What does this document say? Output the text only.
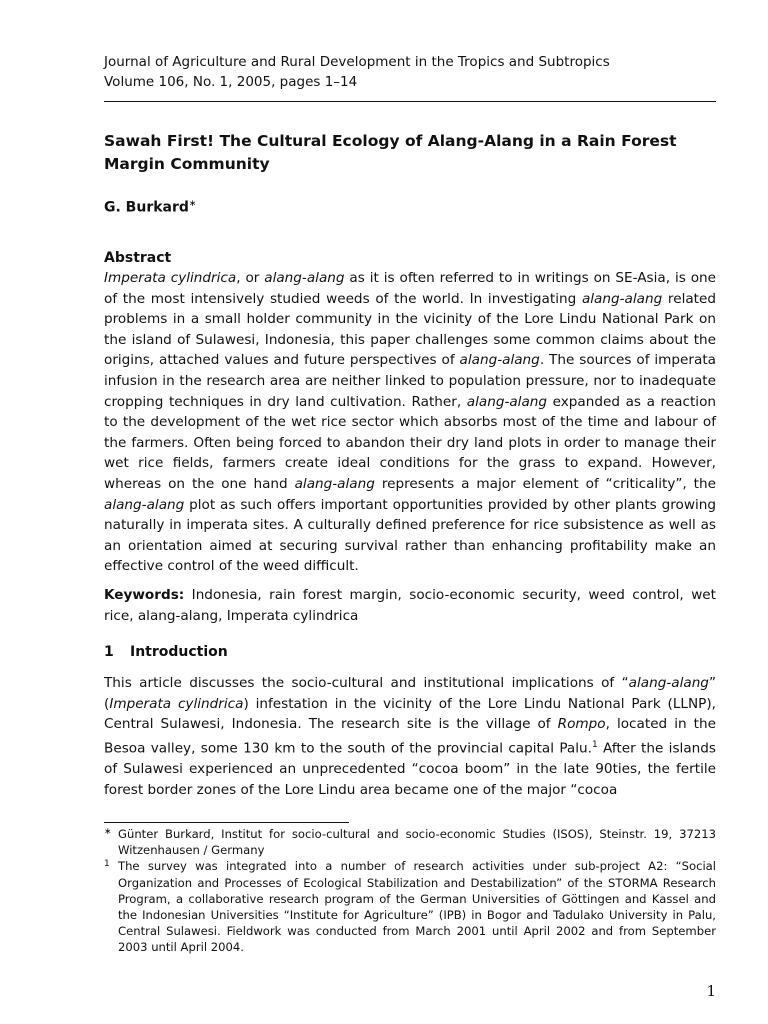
Journal of Agriculture and Rural Development in the Tropics and Subtropics
Volume 106, No. 1, 2005, pages 1–14
Sawah First! The Cultural Ecology of Alang-Alang in a Rain Forest Margin Community
G. Burkard∗
Abstract
Imperata cylindrica, or alang-alang as it is often referred to in writings on SE-Asia, is one of the most intensively studied weeds of the world. In investigating alang-alang related problems in a small holder community in the vicinity of the Lore Lindu National Park on the island of Sulawesi, Indonesia, this paper challenges some common claims about the origins, attached values and future perspectives of alang-alang. The sources of imperata infusion in the research area are neither linked to population pressure, nor to inadequate cropping techniques in dry land cultivation. Rather, alang-alang expanded as a reaction to the development of the wet rice sector which absorbs most of the time and labour of the farmers. Often being forced to abandon their dry land plots in order to manage their wet rice fields, farmers create ideal conditions for the grass to expand. However, whereas on the one hand alang-alang represents a major element of “criticality”, the alang-alang plot as such offers important opportunities provided by other plants growing naturally in imperata sites. A culturally defined preference for rice subsistence as well as an orientation aimed at securing survival rather than enhancing profitability make an effective control of the weed difficult.
Keywords: Indonesia, rain forest margin, socio-economic security, weed control, wet rice, alang-alang, Imperata cylindrica
1 Introduction
This article discusses the socio-cultural and institutional implications of “alang-alang” (Imperata cylindrica) infestation in the vicinity of the Lore Lindu National Park (LLNP), Central Sulawesi, Indonesia. The research site is the village of Rompo, located in the Besoa valley, some 130 km to the south of the provincial capital Palu.$^1$ After the islands of Sulawesi experienced an unprecedented “cocoa boom” in the late 90ties, the fertile forest border zones of the Lore Lindu area became one of the major “cocoa
∗ Günter Burkard, Institut for socio-cultural and socio-economic Studies (ISOS), Steinstr. 19, 37213 Witzenhausen / Germany
1 The survey was integrated into a number of research activities under sub-project A2: “Social Organization and Processes of Ecological Stabilization and Destabilization” of the STORMA Research Program, a collaborative research program of the German Universities of Göttingen and Kassel and the Indonesian Universities “Institute for Agriculture” (IPB) in Bogor and Tadulako University in Palu, Central Sulawesi. Fieldwork was conducted from March 2001 until April 2002 and from September 2003 until April 2004.
1
